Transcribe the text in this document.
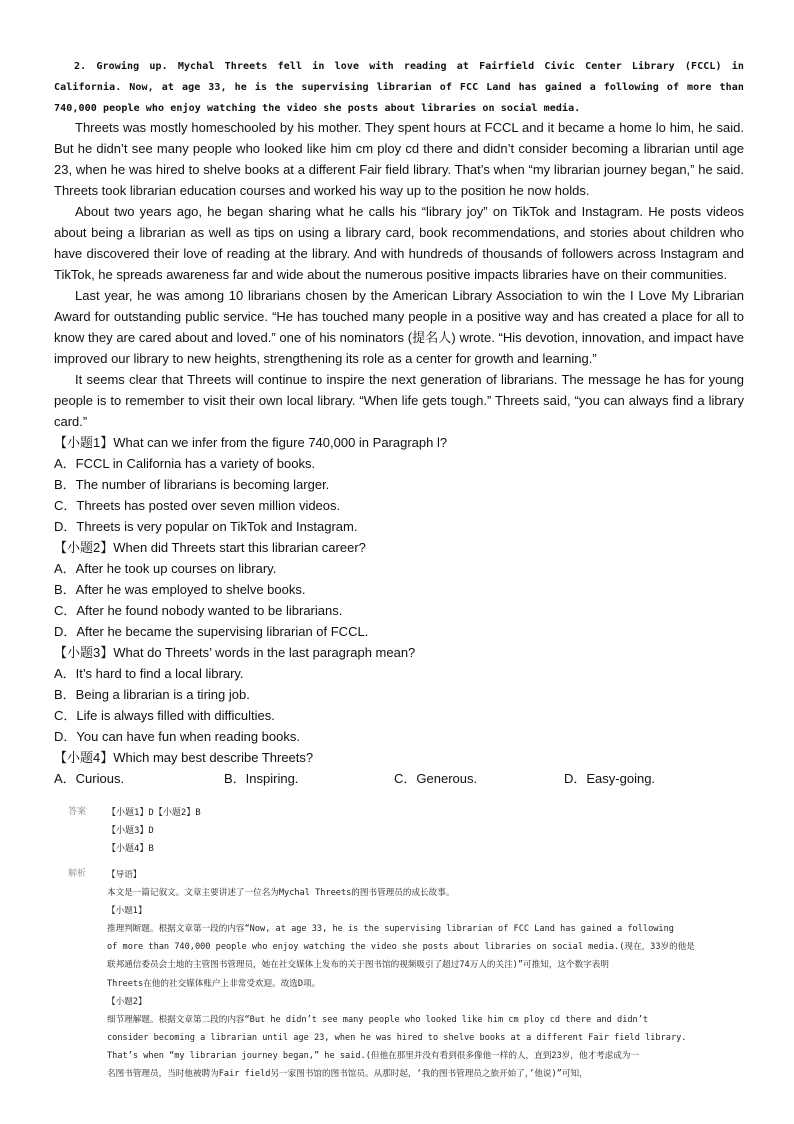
2. Growing up. Mychal Threets fell in love with reading at Fairfield Civic Center Library (FCCL) in California. Now, at age 33, he is the supervising librarian of FCC Land has gained a following of more than 740,000 people who enjoy watching the video she posts about libraries on social media.

Threets was mostly homeschooled by his mother. They spent hours at FCCL and it became a home lo him, he said. But he didn’t see many people who looked like him cm ploy cd there and didn’t consider becoming a librarian until age 23, when he was hired to shelve books at a different Fair field library. That’s when “my librarian journey began,” he said. Threets took librarian education courses and worked his way up to the position he now holds.

About two years ago, he began sharing what he calls his “library joy” on TikTok and Instagram. He posts videos about being a librarian as well as tips on using a library card, book recommendations, and stories about children who have discovered their love of reading at the library. And with hundreds of thousands of followers across Instagram and TikTok, he spreads awareness far and wide about the numerous positive impacts libraries have on their communities.

Last year, he was among 10 librarians chosen by the American Library Association to win the I Love My Librarian Award for outstanding public service. “He has touched many people in a positive way and has created a place for all to know they are cared about and loved.” one of his nominators (提名人) wrote. “His devotion, innovation, and impact have improved our library to new heights, strengthening its role as a center for growth and learning.”

It seems clear that Threets will continue to inspire the next generation of librarians. The message he has for young people is to remember to visit their own local library. “When life gets tough.” Threets said, “you can always find a library card.”

【小题1】What can we infer from the figure 740,000 in Paragraph l?
A．FCCL in California has a variety of books.
B．The number of librarians is becoming larger.
C．Threets has posted over seven million videos.
D．Threets is very popular on TikTok and Instagram.
【小题2】When did Threets start this librarian career?
A．After he took up courses on library.
B．After he was employed to shelve books.
C．After he found nobody wanted to be librarians.
D．After he became the supervising librarian of FCCL.
【小题3】What do Threets’ words in the last paragraph mean?
A．It’s hard to find a local library.
B．Being a librarian is a tiring job.
C．Life is always filled with difficulties.
D．You can have fun when reading books.
【小题4】Which may best describe Threets?
A．Curious.	B．Inspiring.	C．Generous.	D．Easy-going.
答案 【小题1】D【小题2】B
【小题3】D
【小题4】B
解析 【导语】
本文是一篇记叙文。文章主要讲述了一位名为Mychal Threets的图书管理员的成长故事。
【小题1】
推理判断题。根据文章第一段的内容“Now, at age 33, he is the supervising librarian of FCC Land has gained a following
of more than 740,000 people who enjoy watching the video she posts about libraries on social media.(现在，33岁的他是
联邦通信委员会土地的主管图书管理员，她在社交媒体上发布的关于图书馆的视频吸引了超过74万人的关注)”可推知，这个数字表明
Threets在他的社交媒体账户上非常受欢迎。故选D项。
【小题2】
细节理解题。根据文章第二段的内容“But he didn’t see many people who looked like him cm ploy cd there and didn’t
consider becoming a librarian until age 23, when he was hired to shelve books at a different Fair field library.
That’s when “my librarian journey began,” he said.(但他在那里并没有看到很多像他一样的人，直到23岁，他才考虑成为一
名图书管理员，当时他被聘为Fair field另一家图书馆的图书馆员。从那时起，‘我的图书管理员之旅开始了，’他说)”可知，
